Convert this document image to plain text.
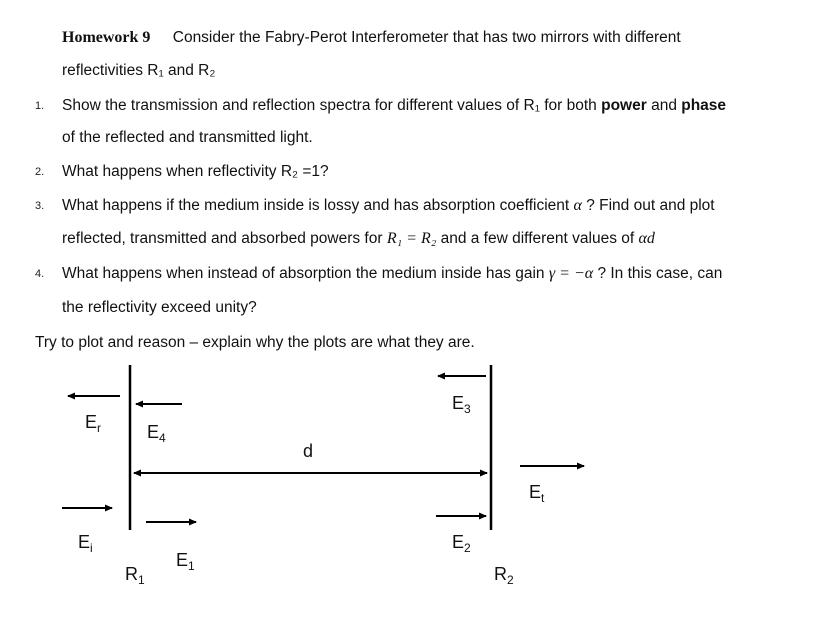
Homework 9 Consider the Fabry-Perot Interferometer that has two mirrors with different
reflectivities R₁ and R₂
1. Show the transmission and reflection spectra for different values of R₁ for both power and phase
of the reflected and transmitted light.
2. What happens when reflectivity R₂ =1?
3. What happens if the medium inside is lossy and has absorption coefficient α ? Find out and plot
reflected, transmitted and absorbed powers for R₁ = R₂ and a few different values of αd
4. What happens when instead of absorption the medium inside has gain γ = −α ? In this case, can
the reflectivity exceed unity?
Try to plot and reason – explain why the plots are what they are.
$E_r$	$E_4$
$E_3$
d
$E_t$
$E_i$
$E_1$
$E_2$
$R_1$	$R_2$
